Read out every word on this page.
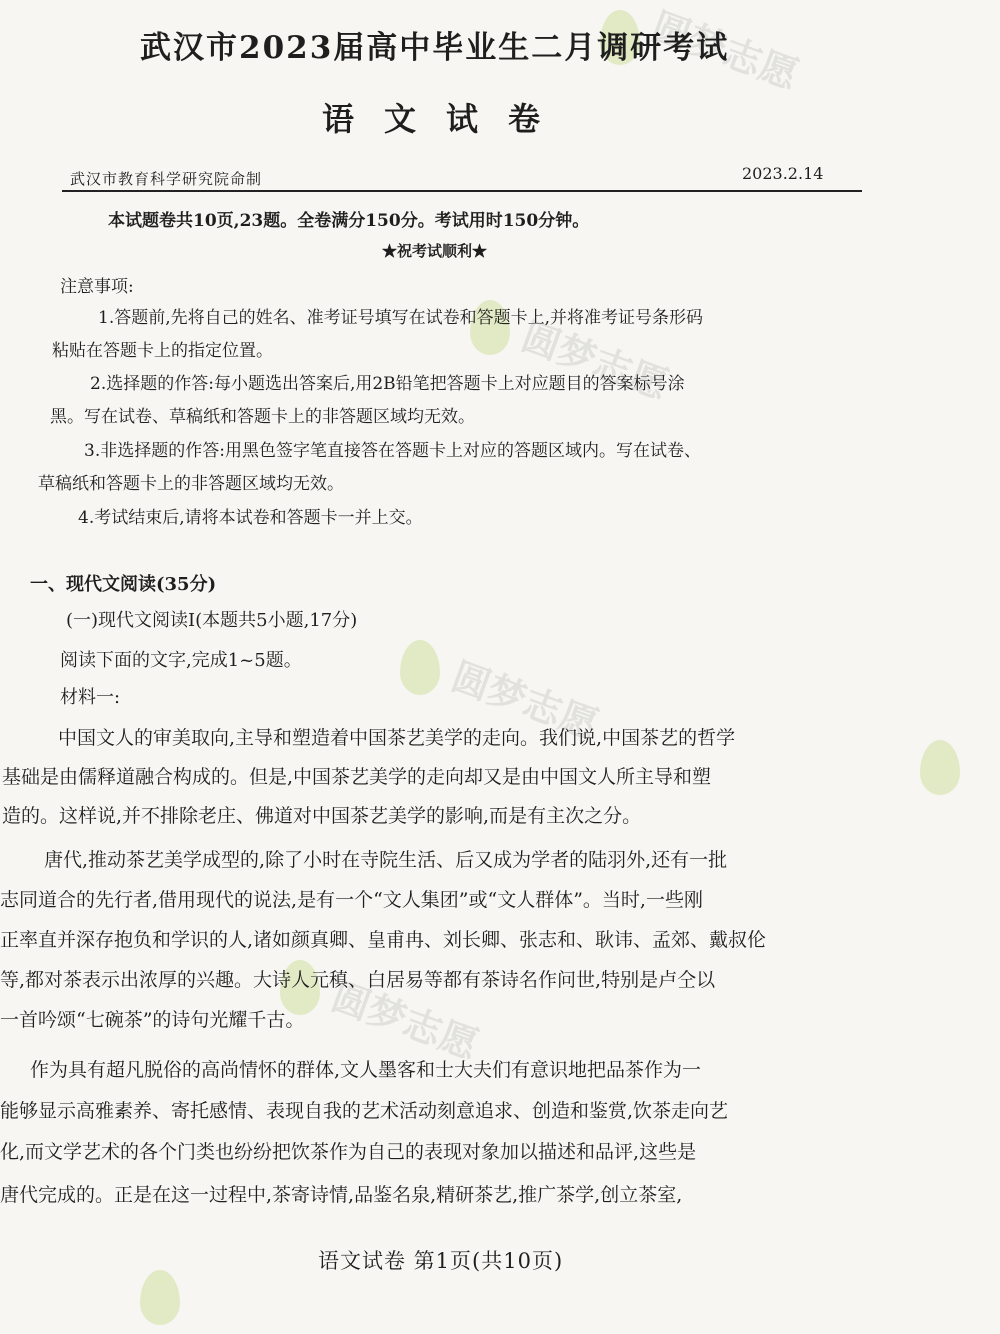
圆梦志愿
圆梦志愿
圆梦志愿
圆梦志愿
武汉市2023届高中毕业生二月调研考试
语文试卷
武汉市教育科学研究院命制	2023.2.14
本试题卷共10页,23题。全卷满分150分。考试用时150分钟。
★祝考试顺利★
注意事项:
1.答题前,先将自己的姓名、准考证号填写在试卷和答题卡上,并将准考证号条形码
粘贴在答题卡上的指定位置。
2.选择题的作答:每小题选出答案后,用2B铅笔把答题卡上对应题目的答案标号涂
黑。写在试卷、草稿纸和答题卡上的非答题区域均无效。
3.非选择题的作答:用黑色签字笔直接答在答题卡上对应的答题区域内。写在试卷、
草稿纸和答题卡上的非答题区域均无效。
4.考试结束后,请将本试卷和答题卡一并上交。
一、现代文阅读(35分)
(一)现代文阅读Ⅰ(本题共5小题,17分)
阅读下面的文字,完成1~5题。
材料一:
中国文人的审美取向,主导和塑造着中国茶艺美学的走向。我们说,中国茶艺的哲学
基础是由儒释道融合构成的。但是,中国茶艺美学的走向却又是由中国文人所主导和塑
造的。这样说,并不排除老庄、佛道对中国茶艺美学的影响,而是有主次之分。
唐代,推动茶艺美学成型的,除了小时在寺院生活、后又成为学者的陆羽外,还有一批
志同道合的先行者,借用现代的说法,是有一个“文人集团”或“文人群体”。当时,一些刚
正率直并深存抱负和学识的人,诸如颜真卿、皇甫冉、刘长卿、张志和、耿讳、孟郊、戴叔伦
等,都对茶表示出浓厚的兴趣。大诗人元稹、白居易等都有茶诗名作问世,特别是卢仝以
一首吟颂“七碗茶”的诗句光耀千古。
作为具有超凡脱俗的高尚情怀的群体,文人墨客和士大夫们有意识地把品茶作为一
能够显示高雅素养、寄托感情、表现自我的艺术活动刻意追求、创造和鉴赏,饮茶走向艺
化,而文学艺术的各个门类也纷纷把饮茶作为自己的表现对象加以描述和品评,这些是
唐代完成的。正是在这一过程中,茶寄诗情,品鉴名泉,精研茶艺,推广茶学,创立茶室,
语文试卷 第1页(共10页)
